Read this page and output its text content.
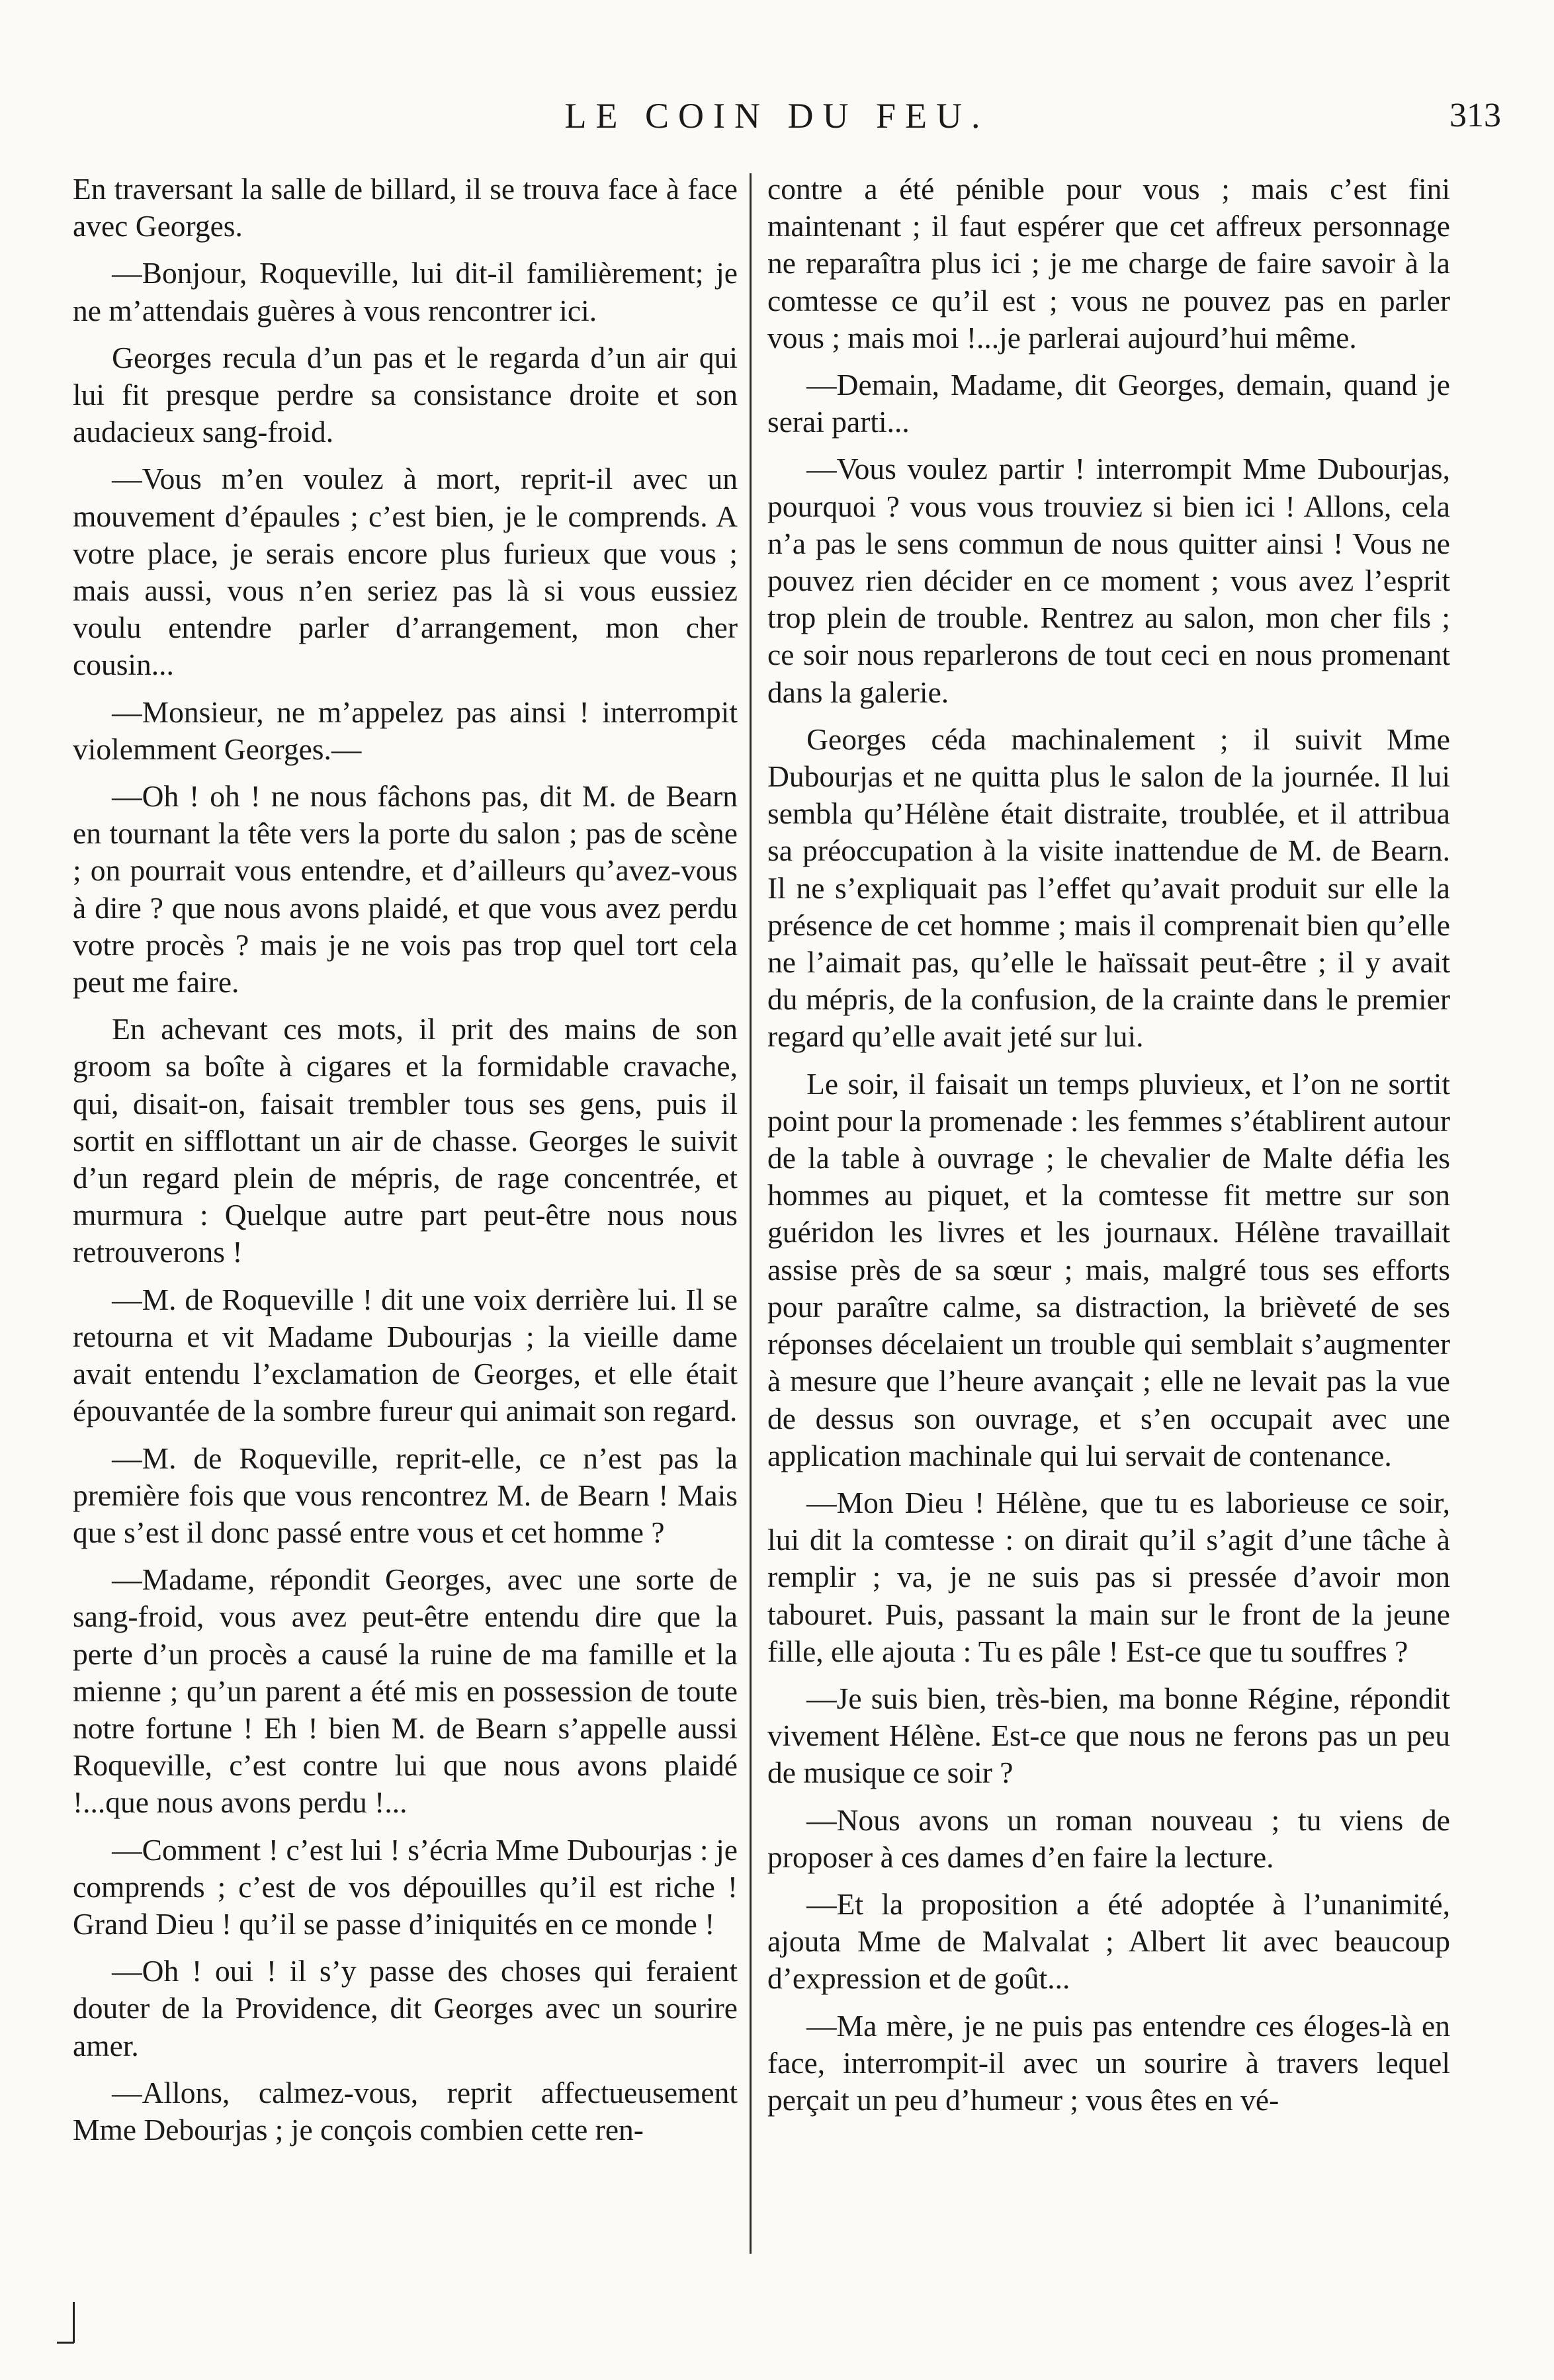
LE COIN DU FEU.	313

En traversant la salle de billard, il se trouva face à face avec Georges.

—Bonjour, Roqueville, lui dit-il familièrement; je ne m’attendais guères à vous rencontrer ici.

Georges recula d’un pas et le regarda d’un air qui lui fit presque perdre sa consistance droite et son audacieux sang-froid.

—Vous m’en voulez à mort, reprit-il avec un mouvement d’épaules ; c’est bien, je le comprends. A votre place, je serais encore plus furieux que vous ; mais aussi, vous n’en seriez pas là si vous eussiez voulu entendre parler d’arrangement, mon cher cousin...

—Monsieur, ne m’appelez pas ainsi ! interrompit violemment Georges.—

—Oh ! oh ! ne nous fâchons pas, dit M. de Bearn en tournant la tête vers la porte du salon ; pas de scène ; on pourrait vous entendre, et d’ailleurs qu’avez-vous à dire ? que nous avons plaidé, et que vous avez perdu votre procès ? mais je ne vois pas trop quel tort cela peut me faire.

En achevant ces mots, il prit des mains de son groom sa boîte à cigares et la formidable cravache, qui, disait-on, faisait trembler tous ses gens, puis il sortit en sifflottant un air de chasse. Georges le suivit d’un regard plein de mépris, de rage concentrée, et murmura : Quelque autre part peut-être nous nous retrouverons !

—M. de Roqueville ! dit une voix derrière lui. Il se retourna et vit Madame Dubourjas ; la vieille dame avait entendu l’exclamation de Georges, et elle était épouvantée de la sombre fureur qui animait son regard.

—M. de Roqueville, reprit-elle, ce n’est pas la première fois que vous rencontrez M. de Bearn ! Mais que s’est il donc passé entre vous et cet homme ?

—Madame, répondit Georges, avec une sorte de sang-froid, vous avez peut-être entendu dire que la perte d’un procès a causé la ruine de ma famille et la mienne ; qu’un parent a été mis en possession de toute notre fortune ! Eh ! bien M. de Bearn s’appelle aussi Roqueville, c’est contre lui que nous avons plaidé !...que nous avons perdu !...

—Comment ! c’est lui ! s’écria Mme Dubourjas : je comprends ; c’est de vos dépouilles qu’il est riche ! Grand Dieu ! qu’il se passe d’iniquités en ce monde !

—Oh ! oui ! il s’y passe des choses qui feraient douter de la Providence, dit Georges avec un sourire amer.

—Allons, calmez-vous, reprit affectueusement Mme Debourjas ; je conçois combien cette ren-

contre a été pénible pour vous ; mais c’est fini maintenant ; il faut espérer que cet affreux personnage ne reparaîtra plus ici ; je me charge de faire savoir à la comtesse ce qu’il est ; vous ne pouvez pas en parler vous ; mais moi !...je parlerai aujourd’hui même.

—Demain, Madame, dit Georges, demain, quand je serai parti...

—Vous voulez partir ! interrompit Mme Dubourjas, pourquoi ? vous vous trouviez si bien ici ! Allons, cela n’a pas le sens commun de nous quitter ainsi ! Vous ne pouvez rien décider en ce moment ; vous avez l’esprit trop plein de trouble. Rentrez au salon, mon cher fils ; ce soir nous reparlerons de tout ceci en nous promenant dans la galerie.

Georges céda machinalement ; il suivit Mme Dubourjas et ne quitta plus le salon de la journée. Il lui sembla qu’Hélène était distraite, troublée, et il attribua sa préoccupation à la visite inattendue de M. de Bearn. Il ne s’expliquait pas l’effet qu’avait produit sur elle la présence de cet homme ; mais il comprenait bien qu’elle ne l’aimait pas, qu’elle le haïssait peut-être ; il y avait du mépris, de la confusion, de la crainte dans le premier regard qu’elle avait jeté sur lui.

Le soir, il faisait un temps pluvieux, et l’on ne sortit point pour la promenade : les femmes s’établirent autour de la table à ouvrage ; le chevalier de Malte défia les hommes au piquet, et la comtesse fit mettre sur son guéridon les livres et les journaux. Hélène travaillait assise près de sa sœur ; mais, malgré tous ses efforts pour paraître calme, sa distraction, la brièveté de ses réponses décelaient un trouble qui semblait s’augmenter à mesure que l’heure avançait ; elle ne levait pas la vue de dessus son ouvrage, et s’en occupait avec une application machinale qui lui servait de contenance.

—Mon Dieu ! Hélène, que tu es laborieuse ce soir, lui dit la comtesse : on dirait qu’il s’agit d’une tâche à remplir ; va, je ne suis pas si pressée d’avoir mon tabouret. Puis, passant la main sur le front de la jeune fille, elle ajouta : Tu es pâle ! Est-ce que tu souffres ?

—Je suis bien, très-bien, ma bonne Régine, répondit vivement Hélène. Est-ce que nous ne ferons pas un peu de musique ce soir ?

—Nous avons un roman nouveau ; tu viens de proposer à ces dames d’en faire la lecture.

—Et la proposition a été adoptée à l’unanimité, ajouta Mme de Malvalat ; Albert lit avec beaucoup d’expression et de goût...

—Ma mère, je ne puis pas entendre ces éloges-là en face, interrompit-il avec un sourire à travers lequel perçait un peu d’humeur ; vous êtes en vé-
